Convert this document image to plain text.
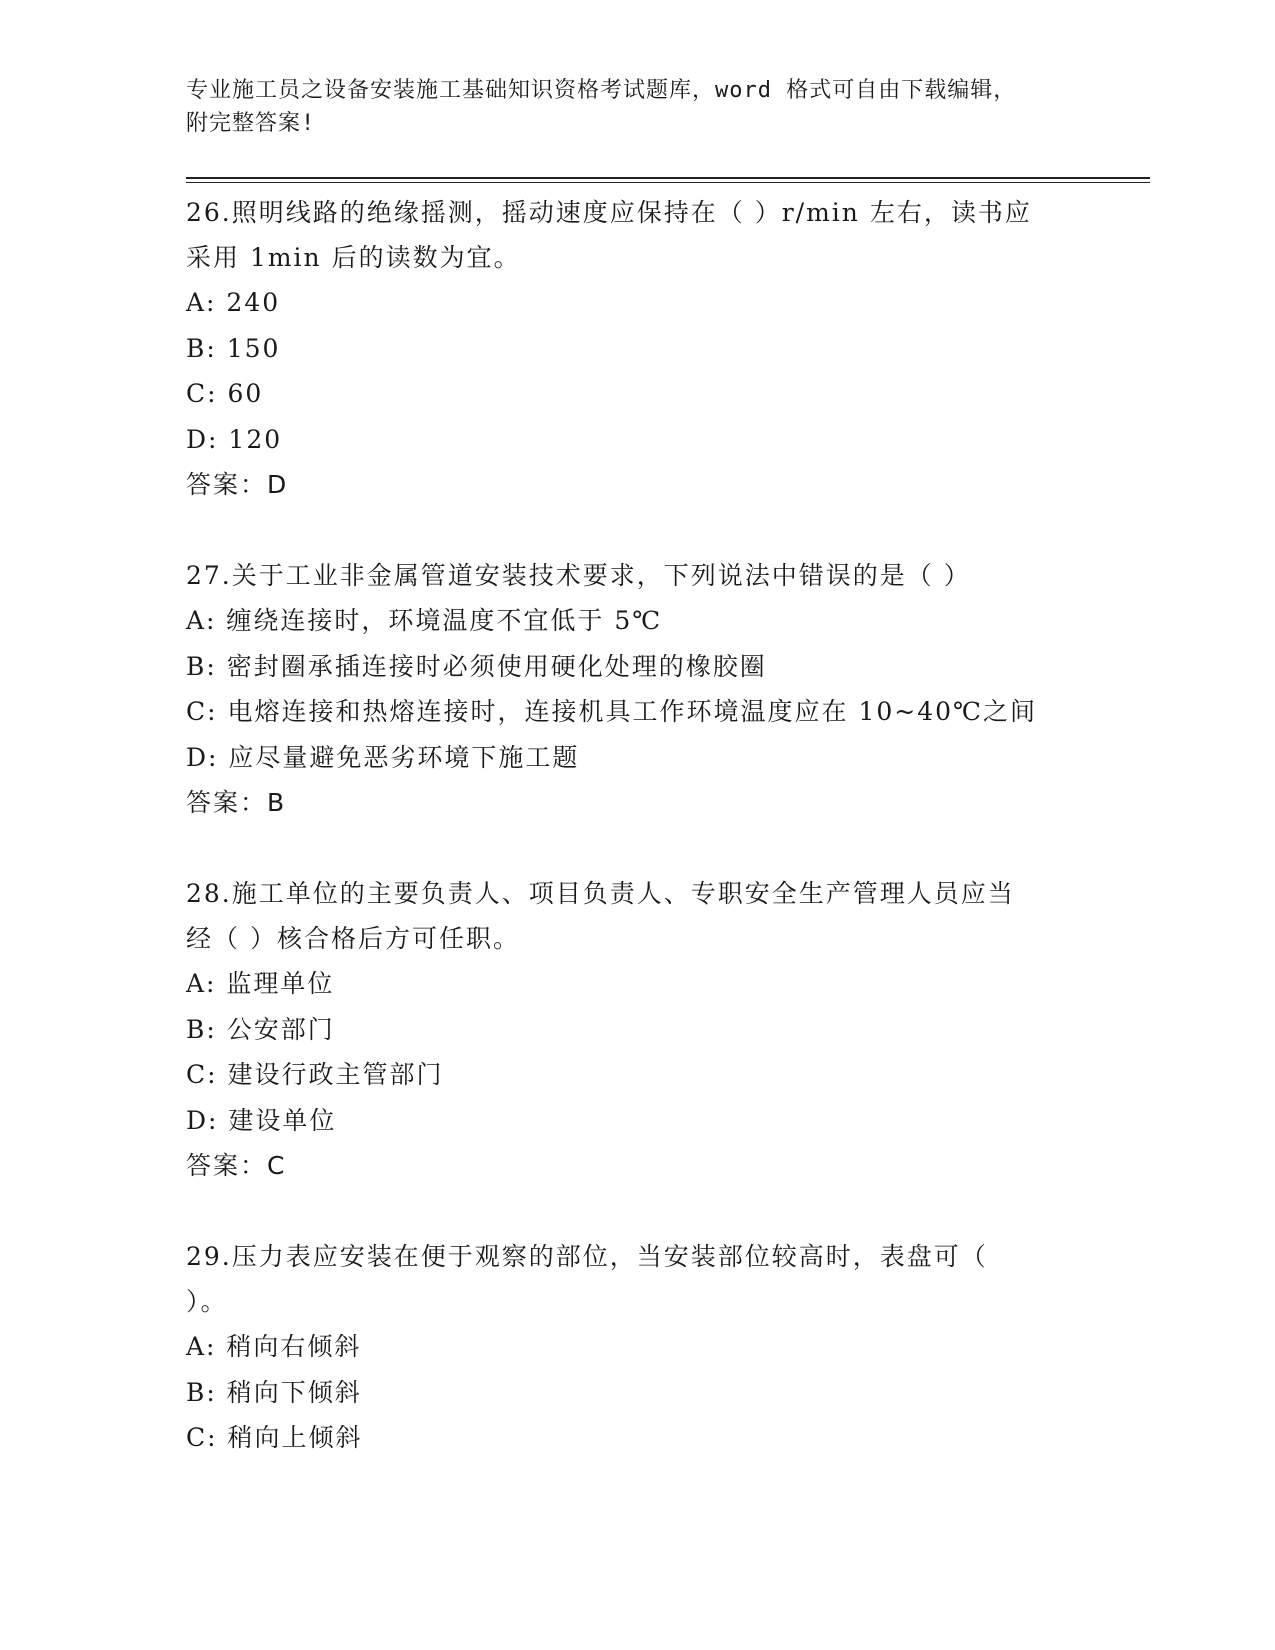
专业施工员之设备安装施工基础知识资格考试题库，word 格式可自由下载编辑，
附完整答案!
26.照明线路的绝缘摇测，摇动速度应保持在（ ）r/min 左右，读书应
采用 1min 后的读数为宜。
A: 240
B: 150
C: 60
D: 120
答案：D
27.关于工业非金属管道安装技术要求，下列说法中错误的是（ ）
A: 缠绕连接时，环境温度不宜低于 5℃
B: 密封圈承插连接时必须使用硬化处理的橡胶圈
C: 电熔连接和热熔连接时，连接机具工作环境温度应在 10~40℃之间
D: 应尽量避免恶劣环境下施工题
答案：B
28.施工单位的主要负责人、项目负责人、专职安全生产管理人员应当
经（ ）核合格后方可任职。
A: 监理单位
B: 公安部门
C: 建设行政主管部门
D: 建设单位
答案：C
29.压力表应安装在便于观察的部位，当安装部位较高时，表盘可（
）。
A: 稍向右倾斜
B: 稍向下倾斜
C: 稍向上倾斜
